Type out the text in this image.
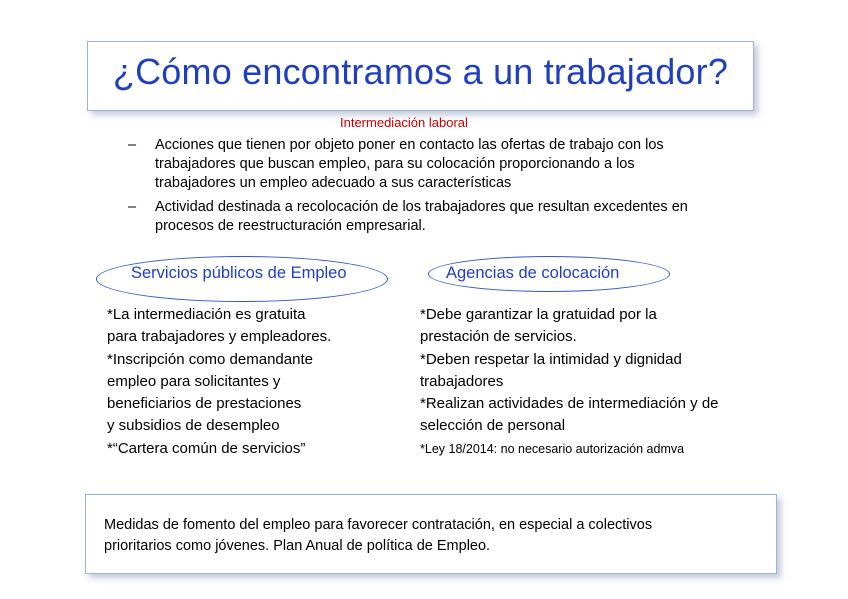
¿Cómo encontramos a un trabajador?
Intermediación laboral
– Acciones que tienen por objeto poner en contacto las ofertas de trabajo con los
trabajadores que buscan empleo, para su colocación proporcionando a los
trabajadores un empleo adecuado a sus características
– Actividad destinada a recolocación de los trabajadores que resultan excedentes en
procesos de reestructuración empresarial.
Servicios públicos de Empleo	Agencias de colocación
*La intermediación es gratuita
para trabajadores y empleadores.
*Inscripción como demandante
empleo para solicitantes y
beneficiarios de prestaciones
y subsidios de desempleo
*“Cartera común de servicios”
*Debe garantizar la gratuidad por la
prestación de servicios.
*Deben respetar la intimidad y dignidad
trabajadores
*Realizan actividades de intermediación y de
selección de personal
*Ley 18/2014: no necesario autorización admva
Medidas de fomento del empleo para favorecer contratación, en especial a colectivos
prioritarios como jóvenes. Plan Anual de política de Empleo.
